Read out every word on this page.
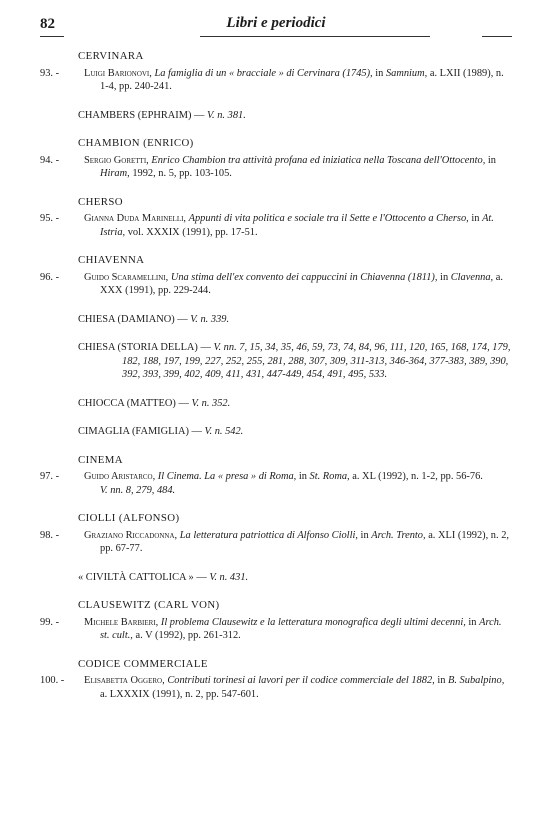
82	Libri e periodici
CERVINARA
93. -	Luigi Barionovi, La famiglia di un « bracciale » di Cervinara (1745), in Samnium, a. LXII (1989), n. 1-4, pp. 240-241.
CHAMBERS (EPHRAIM) — V. n. 381.
CHAMBION (ENRICO)
94. -	Sergio Goretti, Enrico Chambion tra attività profana ed iniziatica nella Toscana dell'Ottocento, in Hiram, 1992, n. 5, pp. 103-105.
CHERSO
95. -	Gianna Duda Marinelli, Appunti di vita politica e sociale tra il Sette e l'Ottocento a Cherso, in At. Istria, vol. XXXIX (1991), pp. 17-51.
CHIAVENNA
96. -	Guido Scaramellini, Una stima dell'ex convento dei cappuccini in Chiavenna (1811), in Clavenna, a. XXX (1991), pp. 229-244.
CHIESA (DAMIANO) — V. n. 339.
CHIESA (STORIA DELLA) — V. nn. 7, 15, 34, 35, 46, 59, 73, 74, 84, 96, 111, 120, 165, 168, 174, 179, 182, 188, 197, 199, 227, 252, 255, 281, 288, 307, 309, 311-313, 346-364, 377-383, 389, 390, 392, 393, 399, 402, 409, 411, 431, 447-449, 454, 491, 495, 533.
CHIOCCA (MATTEO) — V. n. 352.
CIMAGLIA (FAMIGLIA) — V. n. 542.
CINEMA
97. -	Guido Aristarco, Il Cinema. La « presa » di Roma, in St. Roma, a. XL (1992), n. 1-2, pp. 56-76.
V. nn. 8, 279, 484.
CIOLLI (ALFONSO)
98. -	Graziano Riccadonna, La letteratura patriottica di Alfonso Ciolli, in Arch. Trento, a. XLI (1992), n. 2, pp. 67-77.
« CIVILTÀ CATTOLICA » — V. n. 431.
CLAUSEWITZ (CARL VON)
99. -	Michele Barbieri, Il problema Clausewitz e la letteratura monografica degli ultimi decenni, in Arch. st. cult., a. V (1992), pp. 261-312.
CODICE COMMERCIALE
100. -	Elisabetta Oggero, Contributi torinesi ai lavori per il codice commerciale del 1882, in B. Subalpino, a. LXXXIX (1991), n. 2, pp. 547-601.
